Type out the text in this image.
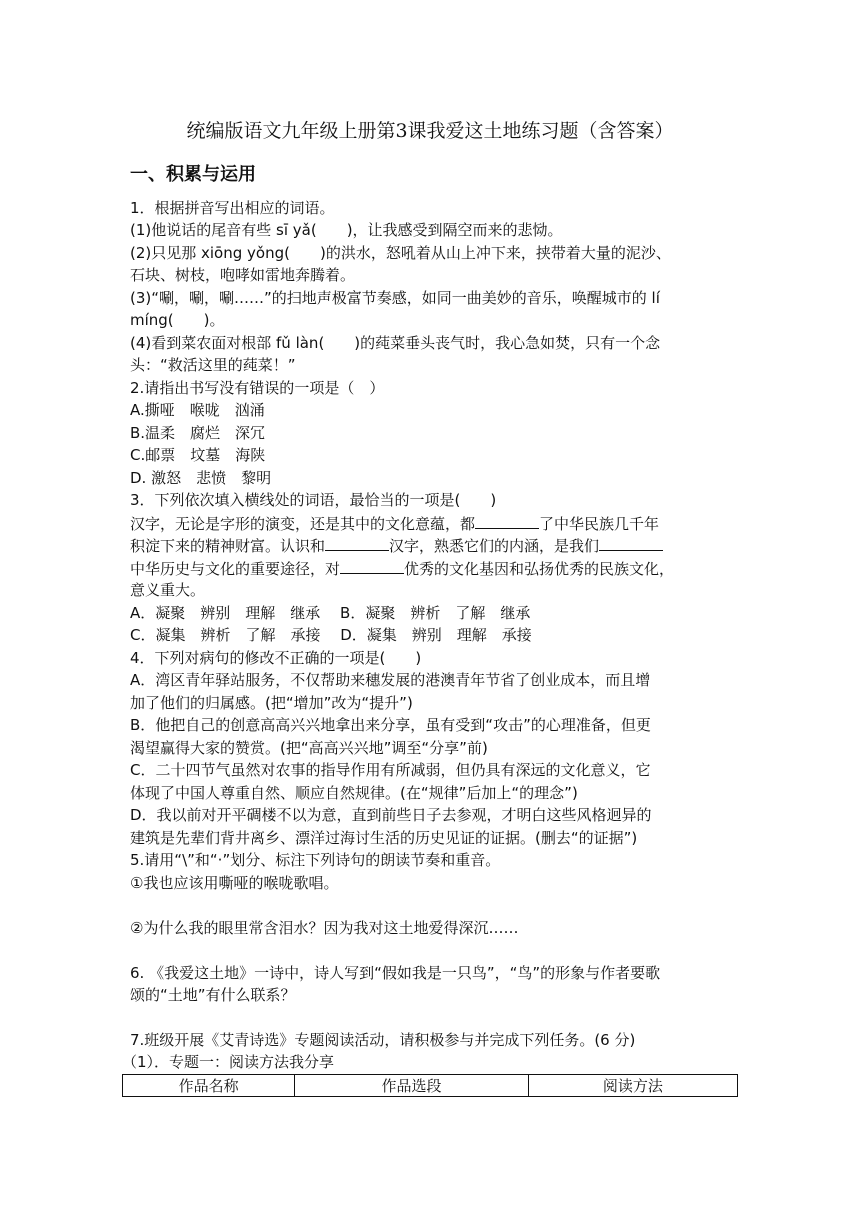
统编版语文九年级上册第3课我爱这土地练习题（含答案）
一、积累与运用
1．根据拼音写出相应的词语。
(1)他说话的尾音有些 sī yǎ(　　)，让我感受到隔空而来的悲恸。
(2)只见那 xiōng yǒng(　　)的洪水，怒吼着从山上冲下来，挟带着大量的泥沙、
石块、树枝，咆哮如雷地奔腾着。
(3)“唰，唰，唰……”的扫地声极富节奏感，如同一曲美妙的音乐，唤醒城市的 lí
míng(　　)。
(4)看到菜农面对根部 fǔ làn(　　)的莼菜垂头丧气时，我心急如焚，只有一个念
头：“救活这里的莼菜！”
2.请指出书写没有错误的一项是（　）
A.撕哑　喉咙　汹涌
B.温柔　腐烂　深冗
C.邮票　坟墓　海陕
D. 激怒　悲愤　黎明
3．下列依次填入横线处的词语，最恰当的一项是(　　)
汉字，无论是字形的演变，还是其中的文化意蕴，都	了中华民族几千年
积淀下来的精神财富。认识和	汉字，熟悉它们的内涵，是我们
中华历史与文化的重要途径，对	优秀的文化基因和弘扬优秀的民族文化，
意义重大。
A．凝聚　辨别　理解　继承　 B．凝聚　辨析　了解　继承
C．凝集　辨析　了解　承接　 D．凝集　辨别　理解　承接
4．下列对病句的修改不正确的一项是(　　)
A．湾区青年驿站服务，不仅帮助来穗发展的港澳青年节省了创业成本，而且增
加了他们的归属感。(把“增加”改为“提升”)
B．他把自己的创意高高兴兴地拿出来分享，虽有受到“攻击”的心理准备，但更
渴望赢得大家的赞赏。(把“高高兴兴地”调至“分享”前)
C．二十四节气虽然对农事的指导作用有所减弱，但仍具有深远的文化意义，它
体现了中国人尊重自然、顺应自然规律。(在“规律”后加上“的理念”)
D．我以前对开平碉楼不以为意，直到前些日子去参观，才明白这些风格迥异的
建筑是先辈们背井离乡、漂洋过海讨生活的历史见证的证据。(删去“的证据”)
5.请用“\”和“·”划分、标注下列诗句的朗读节奏和重音。
①我也应该用嘶哑的喉咙歌唱。
②为什么我的眼里常含泪水？因为我对这土地爱得深沉……
6. 《我爱这土地》一诗中，诗人写到“假如我是一只鸟”，“鸟”的形象与作者要歌
颂的“土地”有什么联系？
7.班级开展《艾青诗选》专题阅读活动，请积极参与并完成下列任务。(6 分)
（1）．专题一：阅读方法我分享
作品名称	作品选段	阅读方法
